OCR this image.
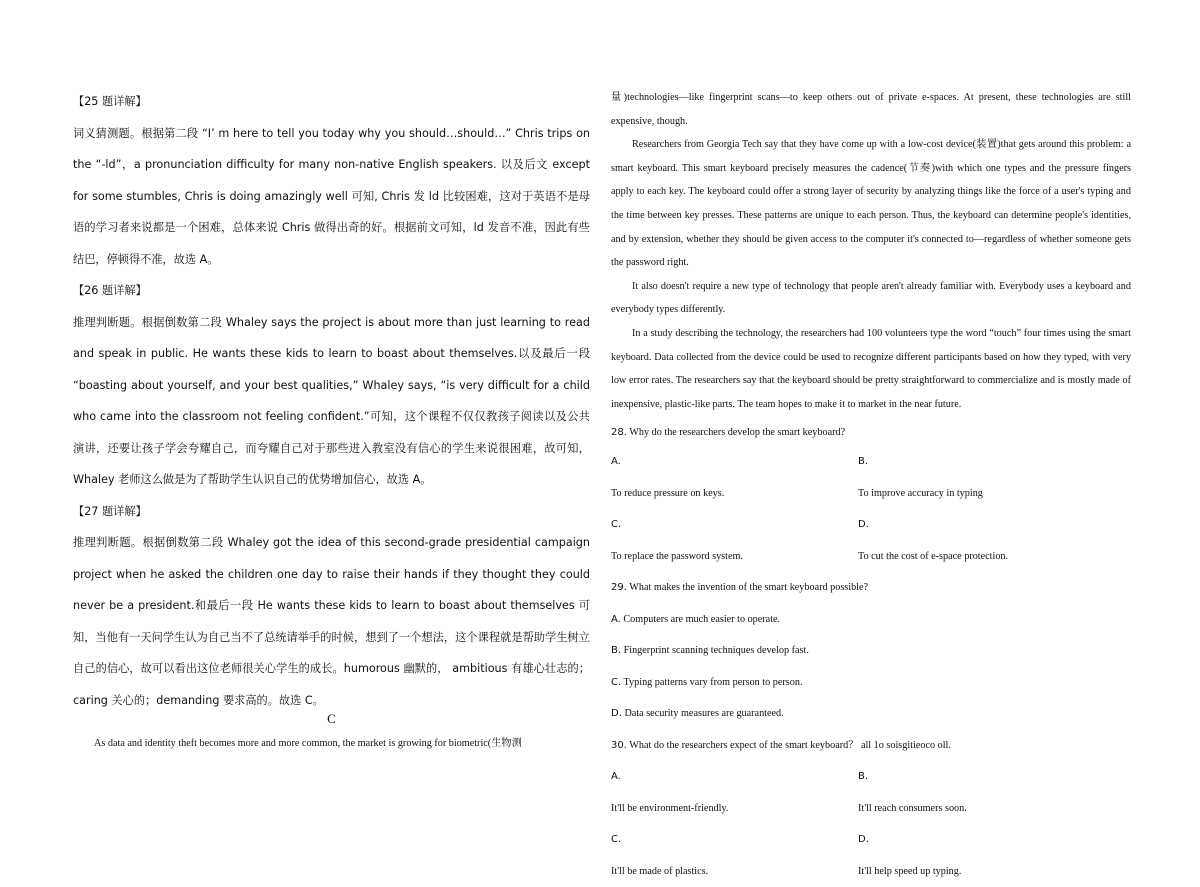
【25 题详解】

词义猜测题。根据第二段 “I’ m here to tell you today why you should…should…” Chris trips on the “-ld”，a pronunciation difficulty for many non-native English speakers. 以及后文 except for some stumbles, Chris is doing amazingly well 可知, Chris 发 ld 比较困难，这对于英语不是母语的学习者来说都是一个困难，总体来说 Chris 做得出奇的好。根据前文可知，ld 发音不准，因此有些结巴，停顿得不准，故选 A。

【26 题详解】

推理判断题。根据倒数第二段 Whaley says the project is about more than just learning to read and speak in public. He wants these kids to learn to boast about themselves.以及最后一段 “boasting about yourself, and your best qualities,” Whaley says, “is very difficult for a child who came into the classroom not feeling confident.”可知，这个课程不仅仅教孩子阅读以及公共演讲，还要让孩子学会夸耀自己，而夸耀自己对于那些进入教室没有信心的学生来说很困难，故可知，Whaley 老师这么做是为了帮助学生认识自己的优势增加信心，故选 A。

【27 题详解】

推理判断题。根据倒数第二段 Whaley got the idea of this second-grade presidential campaign project when he asked the children one day to raise their hands if they thought they could never be a president.和最后一段 He wants these kids to learn to boast about themselves 可知，当他有一天问学生认为自己当不了总统请举手的时候，想到了一个想法，这个课程就是帮助学生树立自己的信心，故可以看出这位老师很关心学生的成长。humorous 幽默的， ambitious 有雄心壮志的；caring 关心的；demanding 要求高的。故选 C。

C
As data and identity theft becomes more and more common, the market is growing for biometric(生物测

量)technologies—like fingerprint scans—to keep others out of private e-spaces. At present, these technologies are still expensive, though.

Researchers from Georgia Tech say that they have come up with a low-cost device(装置)that gets around this problem: a smart keyboard. This smart keyboard precisely measures the cadence(节奏)with which one types and the pressure fingers apply to each key. The keyboard could offer a strong layer of security by analyzing things like the force of a user's typing and the time between key presses. These patterns are unique to each person. Thus, the keyboard can determine people's identities, and by extension, whether they should be given access to the computer it's connected to—regardless of whether someone gets the password right.

It also doesn't require a new type of technology that people aren't already familiar with. Everybody uses a keyboard and everybody types differently.

In a study describing the technology, the researchers had 100 volunteers type the word “touch” four times using the smart keyboard. Data collected from the device could be used to recognize different participants based on how they typed, with very low error rates. The researchers say that the keyboard should be pretty straightforward to commercialize and is mostly made of inexpensive, plastic-like parts. The team hopes to make it to market in the near future.

28. Why do the researchers develop the smart keyboard?

A.
To reduce pressure on keys.
B.
To improve accuracy in typing
C.
To replace the password system.
D.
To cut the cost of e-space protection.

29. What makes the invention of the smart keyboard possible?

A. Computers are much easier to operate.

B. Fingerprint scanning techniques develop fast.

C. Typing patterns vary from person to person.

D. Data security measures are guaranteed.

30. What do the researchers expect of the smart keyboard？ all 1o soisgitieoco oll.

A.
It'll be environment-friendly.
B.
It'll reach consumers soon.
C.
It'll be made of plastics.
D.
It'll help speed up typing.
